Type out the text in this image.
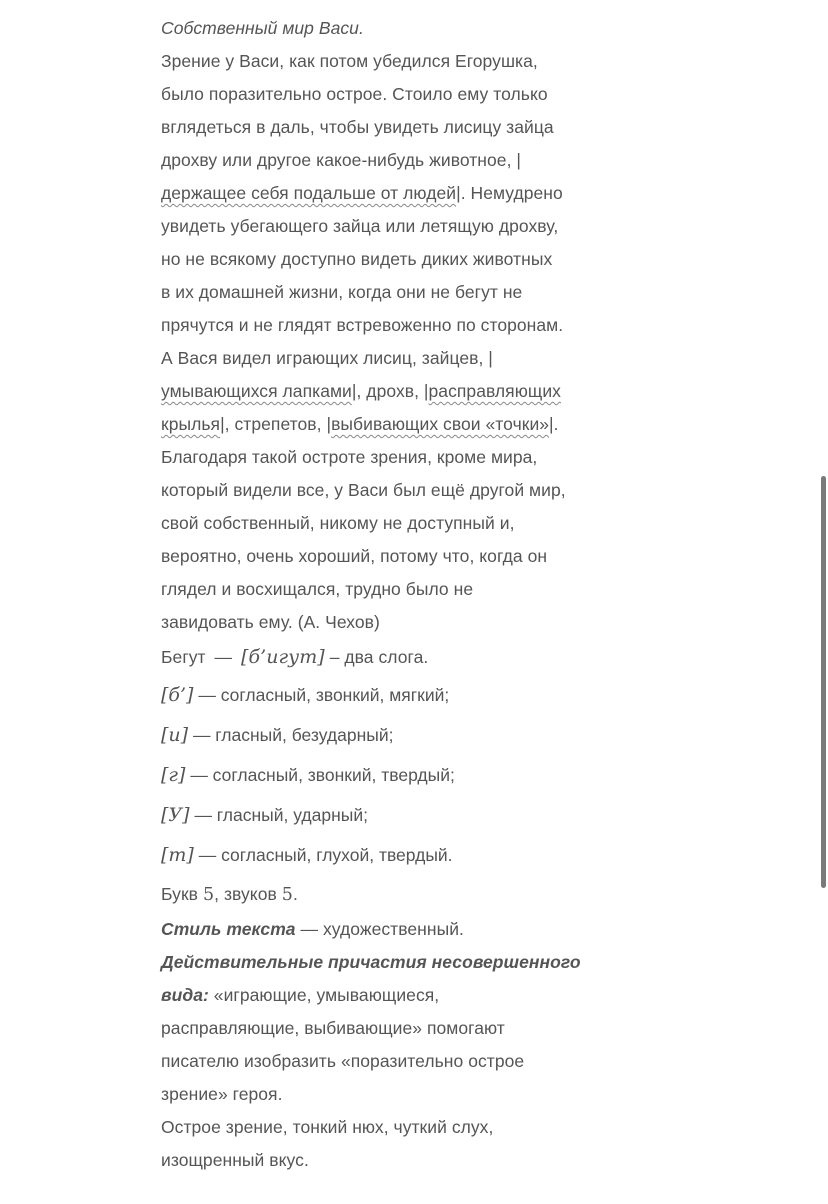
Собственный мир Васи.
Зрение у Васи, как потом убедился Егорушка,
было поразительно острое. Стоило ему только
вглядеться в даль, чтобы увидеть лисицу зайца
дрохву или другое какое-нибудь животное, |
держащее себя подальше от людей|. Немудрено
увидеть убегающего зайца или летящую дрохву,
но не всякому доступно видеть диких животных
в их домашней жизни, когда они не бегут не
прячутся и не глядят встревоженно по сторонам.
А Вася видел играющих лисиц, зайцев, |
умывающихся лапками|, дрохв, |расправляющих
крылья|, стрепетов, |выбивающих свои «точки»|.
Благодаря такой остроте зрения, кроме мира,
который видели все, у Васи был ещё другой мир,
свой собственный, никому не доступный и,
вероятно, очень хороший, потому что, когда он
глядел и восхищался, трудно было не
завидовать ему. (А. Чехов)
Бегут — [б’игут] – два слога.
[б’] — согласный, звонкий, мягкий;
[и] — гласный, безударный;
[г] — согласный, звонкий, твердый;
[У] — гласный, ударный;
[т] — согласный, глухой, твердый.
Букв 5, звуков 5.
Стиль текста — художественный.
Действительные причастия несовершенного
вида: «играющие, умывающиеся,
расправляющие, выбивающие» помогают
писателю изобразить «поразительно острое
зрение» героя.
Острое зрение, тонкий нюх, чуткий слух,
изощренный вкус.
